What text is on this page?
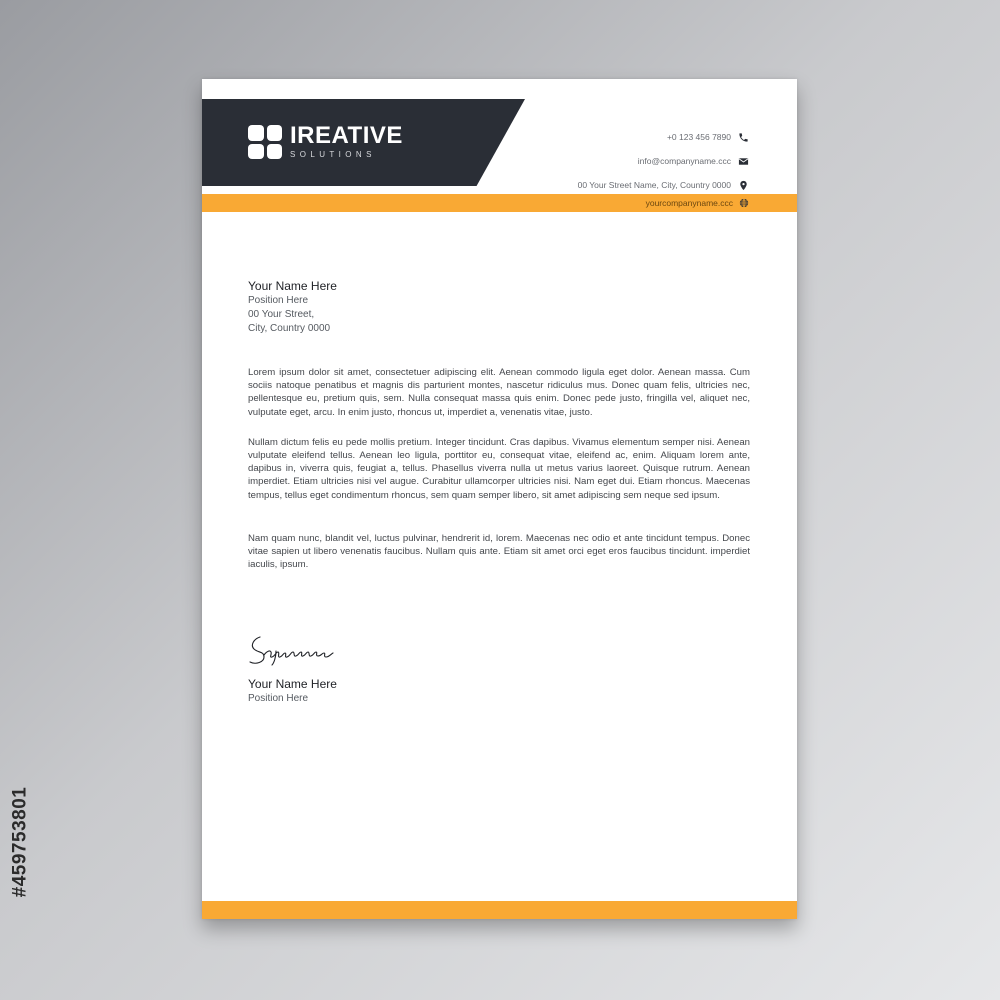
#459753801
IREATIVE
SOLUTIONS
+0 123 456 7890
info@companyname.ccc
00 Your Street Name, City, Country 0000
yourcompanyname.ccc
Your Name Here
Position Here
00 Your Street,
City, Country 0000

Lorem ipsum dolor sit amet, consectetuer adipiscing elit. Aenean commodo ligula eget dolor. Aenean massa. Cum sociis natoque penatibus et magnis dis parturient montes, nascetur ridiculus mus. Donec quam felis, ultricies nec, pellentesque eu, pretium quis, sem. Nulla consequat massa quis enim. Donec pede justo, fringilla vel, aliquet nec, vulputate eget, arcu. In enim justo, rhoncus ut, imperdiet a, venenatis vitae, justo.

Nullam dictum felis eu pede mollis pretium. Integer tincidunt. Cras dapibus. Vivamus elementum semper nisi. Aenean vulputate eleifend tellus. Aenean leo ligula, porttitor eu, consequat vitae, eleifend ac, enim. Aliquam lorem ante, dapibus in, viverra quis, feugiat a, tellus. Phasellus viverra nulla ut metus varius laoreet. Quisque rutrum. Aenean imperdiet. Etiam ultricies nisi vel augue. Curabitur ullamcorper ultricies nisi. Nam eget dui. Etiam rhoncus. Maecenas tempus, tellus eget condimentum rhoncus, sem quam semper libero, sit amet adipiscing sem neque sed ipsum.

Nam quam nunc, blandit vel, luctus pulvinar, hendrerit id, lorem. Maecenas nec odio et ante tincidunt tempus. Donec vitae sapien ut libero venenatis faucibus. Nullam quis ante. Etiam sit amet orci eget eros faucibus tincidunt. imperdiet iaculis, ipsum.

Your Name Here
Position Here
